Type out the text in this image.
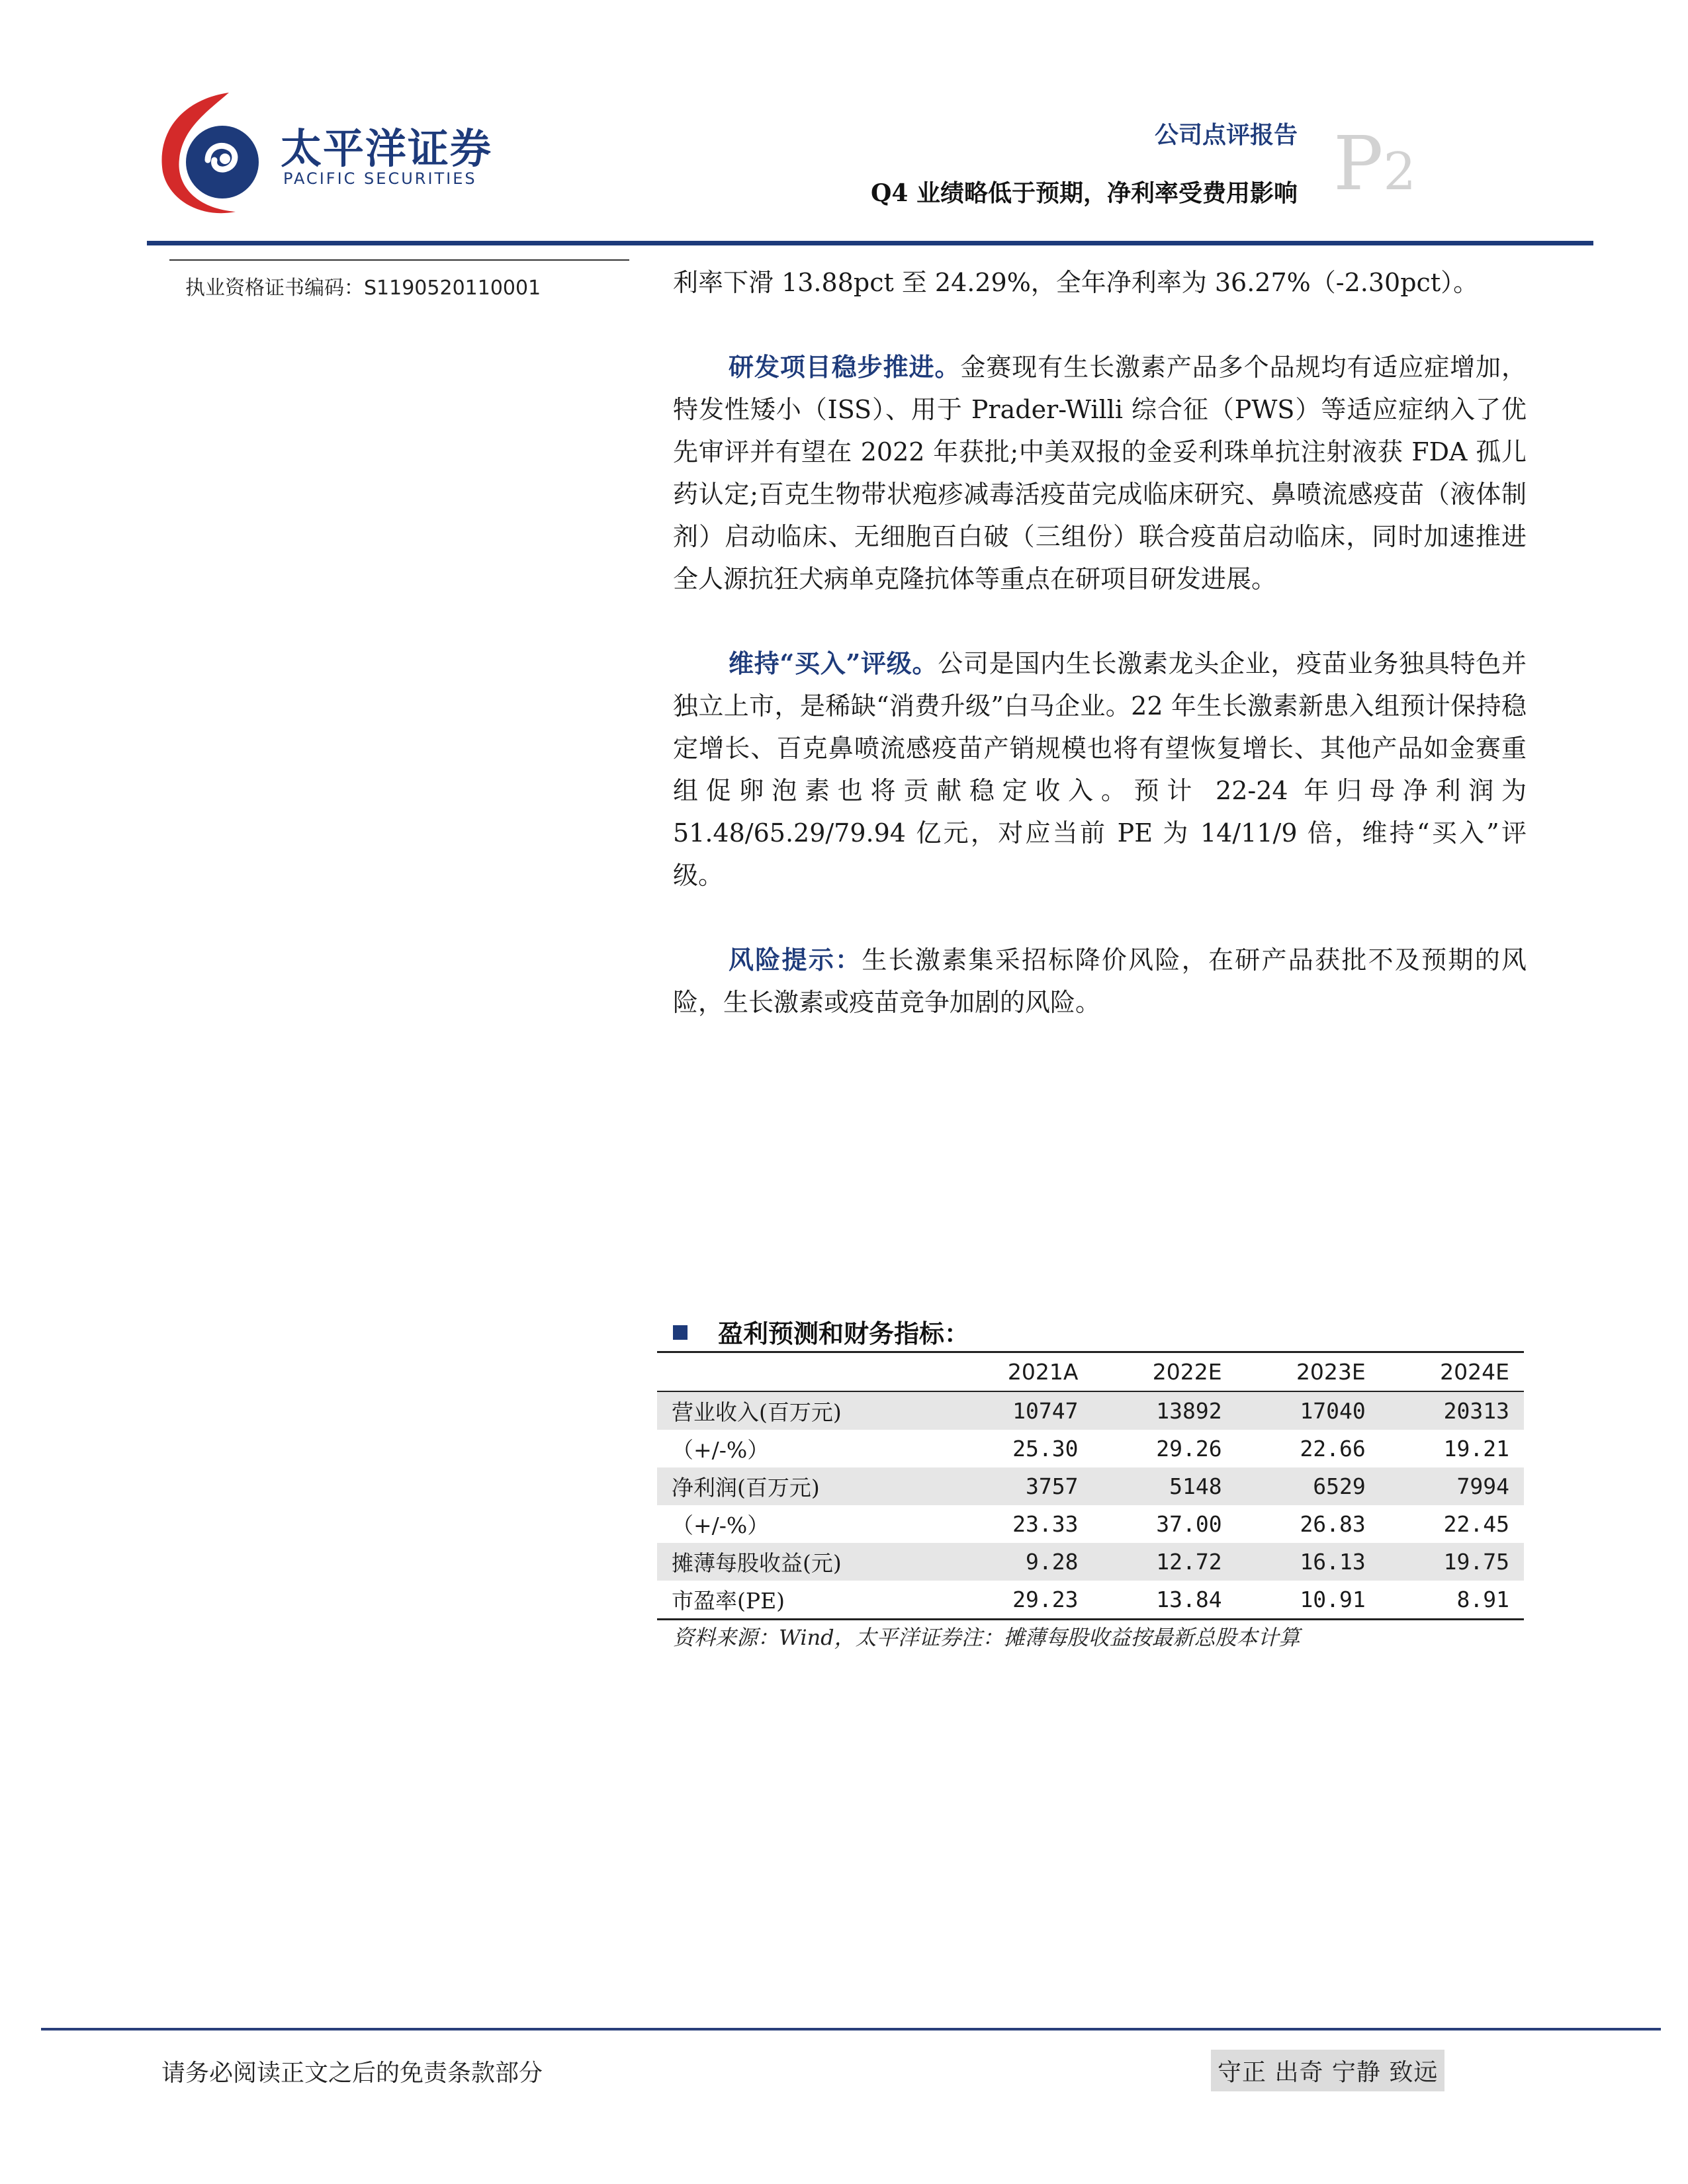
太平洋证券
PACIFIC SECURITIES
公司点评报告
Q4 业绩略低于预期，净利率受费用影响 P2
执业资格证书编码：S1190520110001	利率下滑 13.88pct 至 24.29%，全年净利率为 36.27%（-2.30pct）。

研发项目稳步推进。金赛现有生长激素产品多个品规均有适应症增加，特发性矮小（ISS）、用于 Prader-Willi 综合征（PWS）等适应症纳入了优先审评并有望在 2022 年获批;中美双报的金妥利珠单抗注射液获 FDA 孤儿药认定;百克生物带状疱疹减毒活疫苗完成临床研究、鼻喷流感疫苗（液体制剂）启动临床、无细胞百白破（三组份）联合疫苗启动临床，同时加速推进全人源抗狂犬病单克隆抗体等重点在研项目研发进展。

维持“买入”评级。公司是国内生长激素龙头企业，疫苗业务独具特色并独立上市，是稀缺“消费升级”白马企业。22 年生长激素新患入组预计保持稳定增长、百克鼻喷流感疫苗产销规模也将有望恢复增长、其他产品如金赛重组促卵泡素也将贡献稳定收入。预计 22-24 年归母净利润为 51.48/65.29/79.94 亿元，对应当前 PE 为 14/11/9 倍，维持“买入”评级。

风险提示：生长激素集采招标降价风险，在研产品获批不及预期的风险，生长激素或疫苗竞争加剧的风险。

盈利预测和财务指标：
	2021A	2022E	2023E	2024E
营业收入(百万元)	10747	13892	17040	20313
（+/-%）	25.30	29.26	22.66	19.21
净利润(百万元)	3757	5148	6529	7994
（+/-%）	23.33	37.00	26.83	22.45
摊薄每股收益(元)	9.28	12.72	16.13	19.75
市盈率(PE)	29.23	13.84	10.91	8.91
资料来源：Wind，太平洋证券注：摊薄每股收益按最新总股本计算
请务必阅读正文之后的免责条款部分	守正 出奇 宁静 致远
